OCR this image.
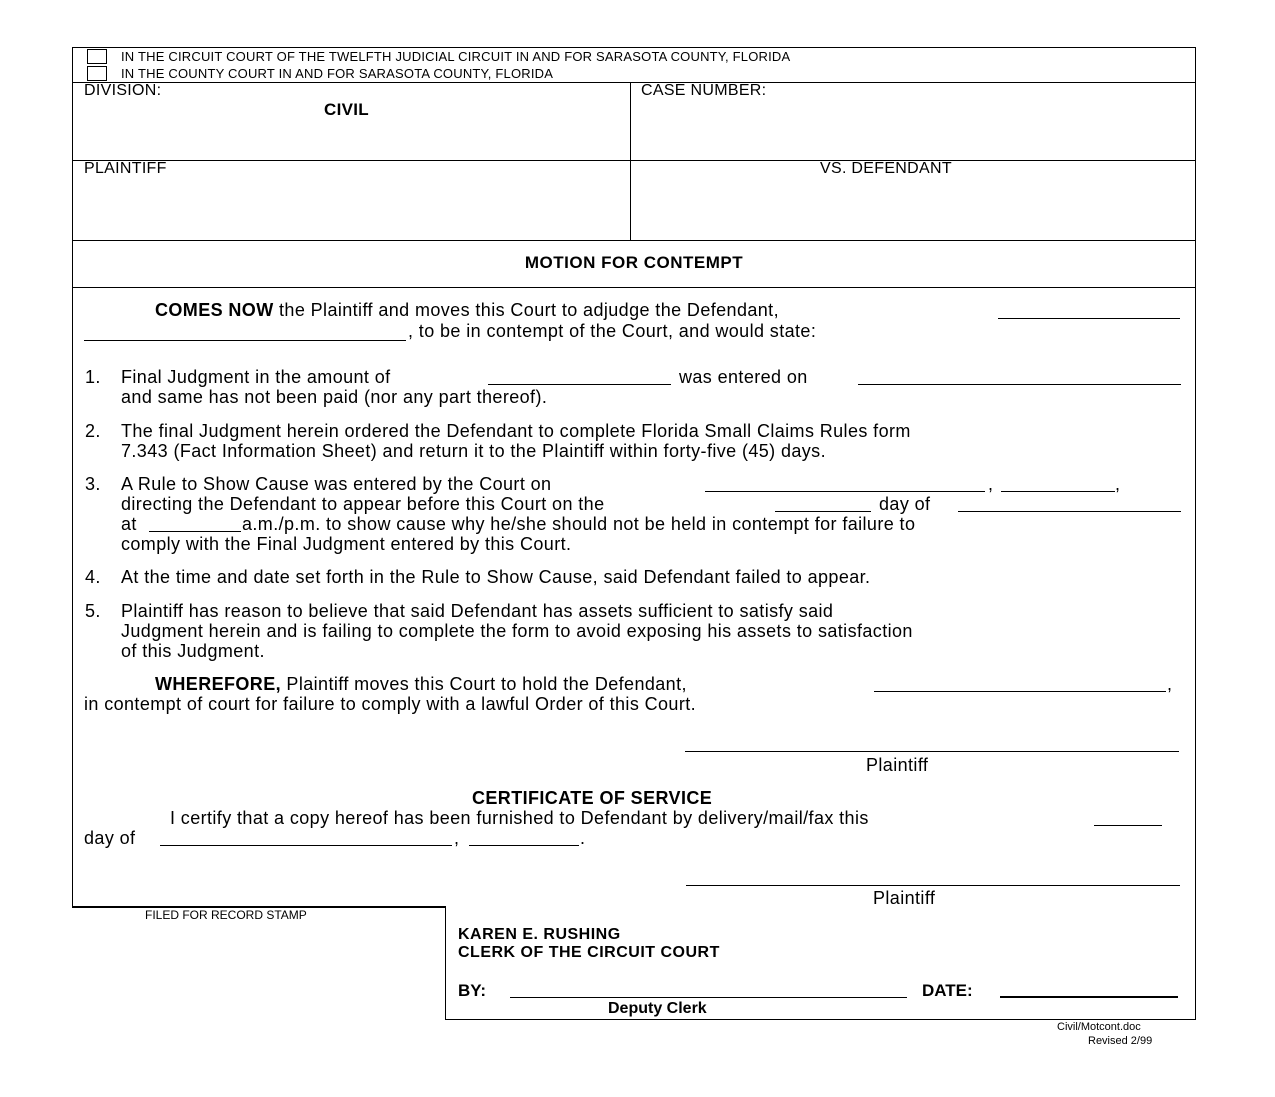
IN THE CIRCUIT COURT OF THE TWELFTH JUDICIAL CIRCUIT IN AND FOR SARASOTA COUNTY, FLORIDA
IN THE COUNTY COURT IN AND FOR SARASOTA COUNTY, FLORIDA
DIVISION:
CIVIL
CASE NUMBER:
PLAINTIFF	VS. DEFENDANT
MOTION FOR CONTEMPT
COMES NOW the Plaintiff and moves this Court to adjudge the Defendant,
, to be in contempt of the Court, and would state:
1. Final Judgment in the amount of	was entered on
and same has not been paid (nor any part thereof).
2. The final Judgment herein ordered the Defendant to complete Florida Small Claims Rules form
7.343 (Fact Information Sheet) and return it to the Plaintiff within forty-five (45) days.
3. A Rule to Show Cause was entered by the Court on	,	,
directing the Defendant to appear before this Court on the	day of
at	a.m./p.m. to show cause why he/she should not be held in contempt for failure to
comply with the Final Judgment entered by this Court.
4. At the time and date set forth in the Rule to Show Cause, said Defendant failed to appear.
5. Plaintiff has reason to believe that said Defendant has assets sufficient to satisfy said
Judgment herein and is failing to complete the form to avoid exposing his assets to satisfaction
of this Judgment.
WHEREFORE, Plaintiff moves this Court to hold the Defendant,	,
in contempt of court for failure to comply with a lawful Order of this Court.
Plaintiff
CERTIFICATE OF SERVICE
I certify that a copy hereof has been furnished to Defendant by delivery/mail/fax this
day of	,	.
Plaintiff
FILED FOR RECORD STAMP
KAREN E. RUSHING
CLERK OF THE CIRCUIT COURT
BY:	DATE:
Deputy Clerk
Civil/Motcont.doc
Revised 2/99
